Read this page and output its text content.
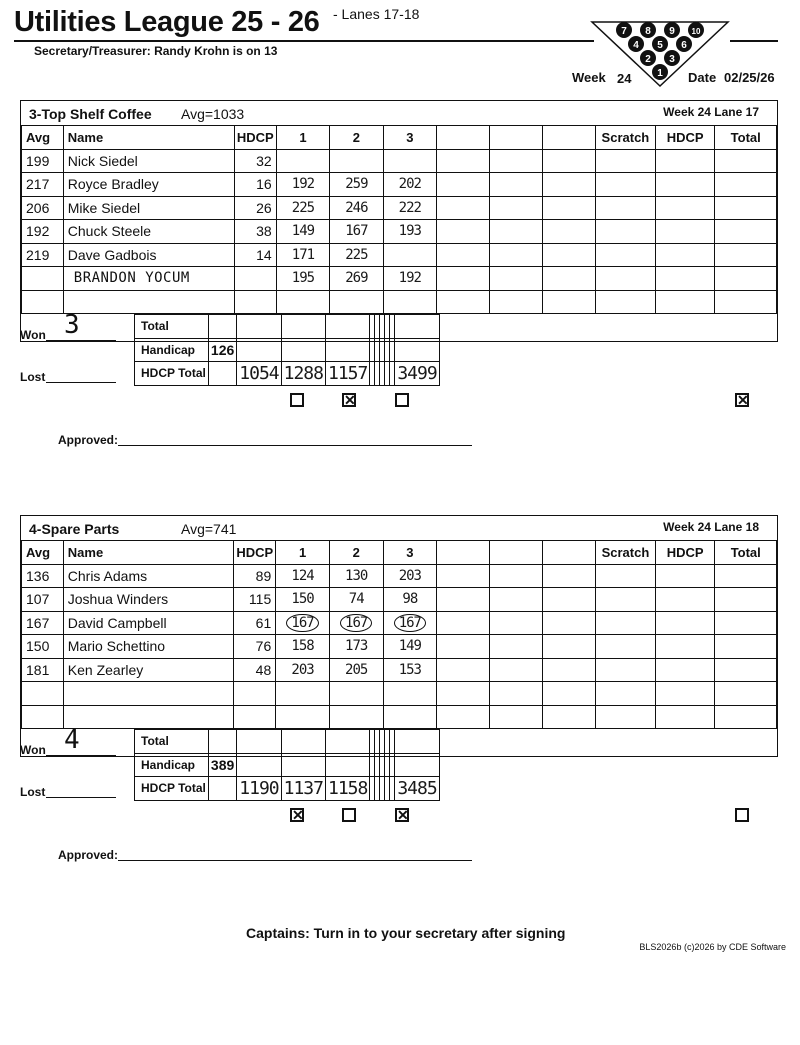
Utilities League 25 - 26 - Lanes 17-18
Secretary/Treasurer: Randy Krohn is on 13
7 8 9 10
4 5 6
2 3
1
Week 24	Date 02/25/26
3-Top Shelf Coffee Avg=1033	Week 24 Lane 17
Avg	Name	HDCP	1	2	3				Scratch	HDCP	Total
199	Nick Siedel	32									
217	Royce Bradley	16	192	259	202						
206	Mike Siedel	26	225	246	222						
192	Chuck Steele	38	149	167	193						
219	Dave Gadbois	14	171	225							
	BRANDON YOCUM		195	269	192						

Total										
Handicap	126									
HDCP Total		1054	1288	1157						3499
Won 3
Lost
✕	✕
Approved:
4-Spare Parts	Avg=741	Week 24 Lane 18
Avg	Name	HDCP	1	2	3				Scratch	HDCP	Total
136	Chris Adams	89	124	130	203						
107	Joshua Winders	115	150	74	98						
167	David Campbell	61	167	167	167						
150	Mario Schettino	76	158	173	149						
181	Ken Zearley	48	203	205	153						

Total										
Handicap	389									
HDCP Total		1190	1137	1158						3485
Won 4
Lost
✕	✕
Approved:
Captains: Turn in to your secretary after signing
BLS2026b (c)2026 by CDE Software
